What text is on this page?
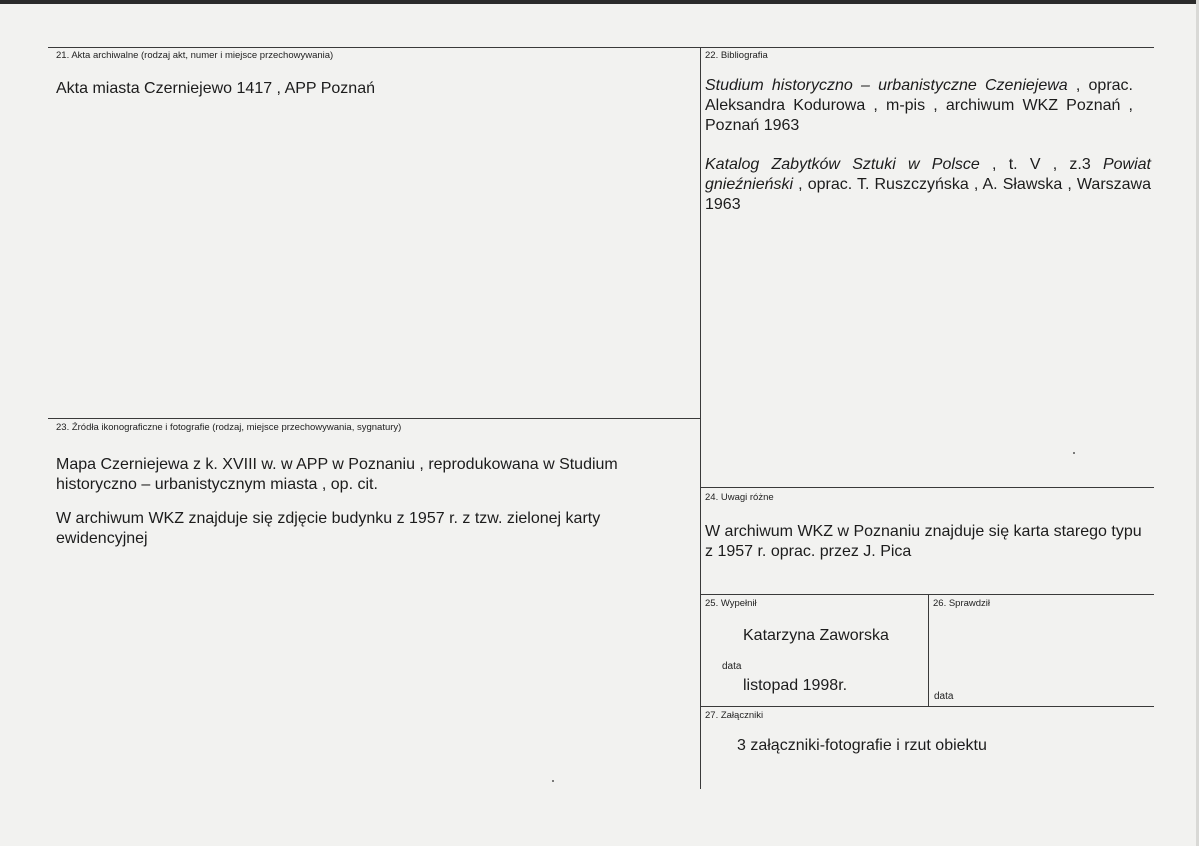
21. Akta archiwalne (rodzaj akt, numer i miejsce przechowywania)
Akta miasta Czerniejewo 1417 , APP Poznań
22. Bibliografia
Studium historyczno – urbanistyczne Czeniejewa , oprac. Aleksandra Kodurowa , m-pis , archiwum WKZ Poznań , Poznań 1963
Katalog Zabytków Sztuki w Polsce , t. V , z.3 Powiat gnieźnieński , oprac. T. Ruszczyńska , A. Sławska , Warszawa 1963
23. Źródła ikonograficzne i fotografie (rodzaj, miejsce przechowywania, sygnatury)
Mapa Czerniejewa z k. XVIII w. w APP w Poznaniu , reprodukowana w Studium historyczno – urbanistycznym miasta , op. cit.
W archiwum WKZ znajduje się zdjęcie budynku z 1957 r. z tzw. zielonej karty ewidencyjnej
24. Uwagi różne
W archiwum WKZ w Poznaniu znajduje się karta starego typu z 1957 r. oprac. przez J. Pica
25. Wypełnił
Katarzyna Zaworska
data
listopad 1998r.
26. Sprawdził
data
27. Załączniki
3 załączniki-fotografie i rzut obiektu
